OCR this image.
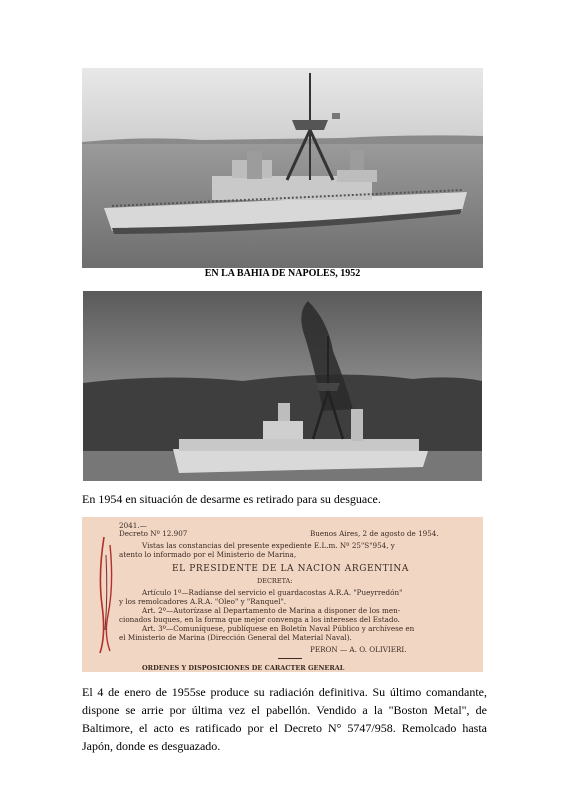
EN LA BAHIA DE NAPOLES, 1952
En 1954 en situación de desarme es retirado para su desguace.
2041.—
Decreto Nº 12.907	Buenos Aires, 2 de agosto de 1954.
Vistas las constancias del presente expediente E.L.m. Nº 25"S"954, y
atento lo informado por el Ministerio de Marina,
EL PRESIDENTE DE LA NACION ARGENTINA
DECRETA:
Artículo 1º—Radíanse del servicio el guardacostas A.R.A. "Pueyrredón"
y los remolcadores A.R.A. "Oleo" y "Ranquel".
Art. 2º—Autorízase al Departamento de Marina a disponer de los men-
cionados buques, en la forma que mejor convenga a los intereses del Estado.
Art. 3º—Comuníquese, publíquese en Boletín Naval Público y archívese en
el Ministerio de Marina (Dirección General del Material Naval).
PERON — A. O. OLIVIERI.
ORDENES Y DISPOSICIONES DE CARACTER GENERAL
El 4 de enero de 1955se produce su radiación definitiva. Su último comandante, dispone se arrie por última vez el pabellón. Vendido a la "Boston Metal", de Baltimore, el acto es ratificado por el Decreto N° 5747/958. Remolcado hasta Japón, donde es desguazado.
